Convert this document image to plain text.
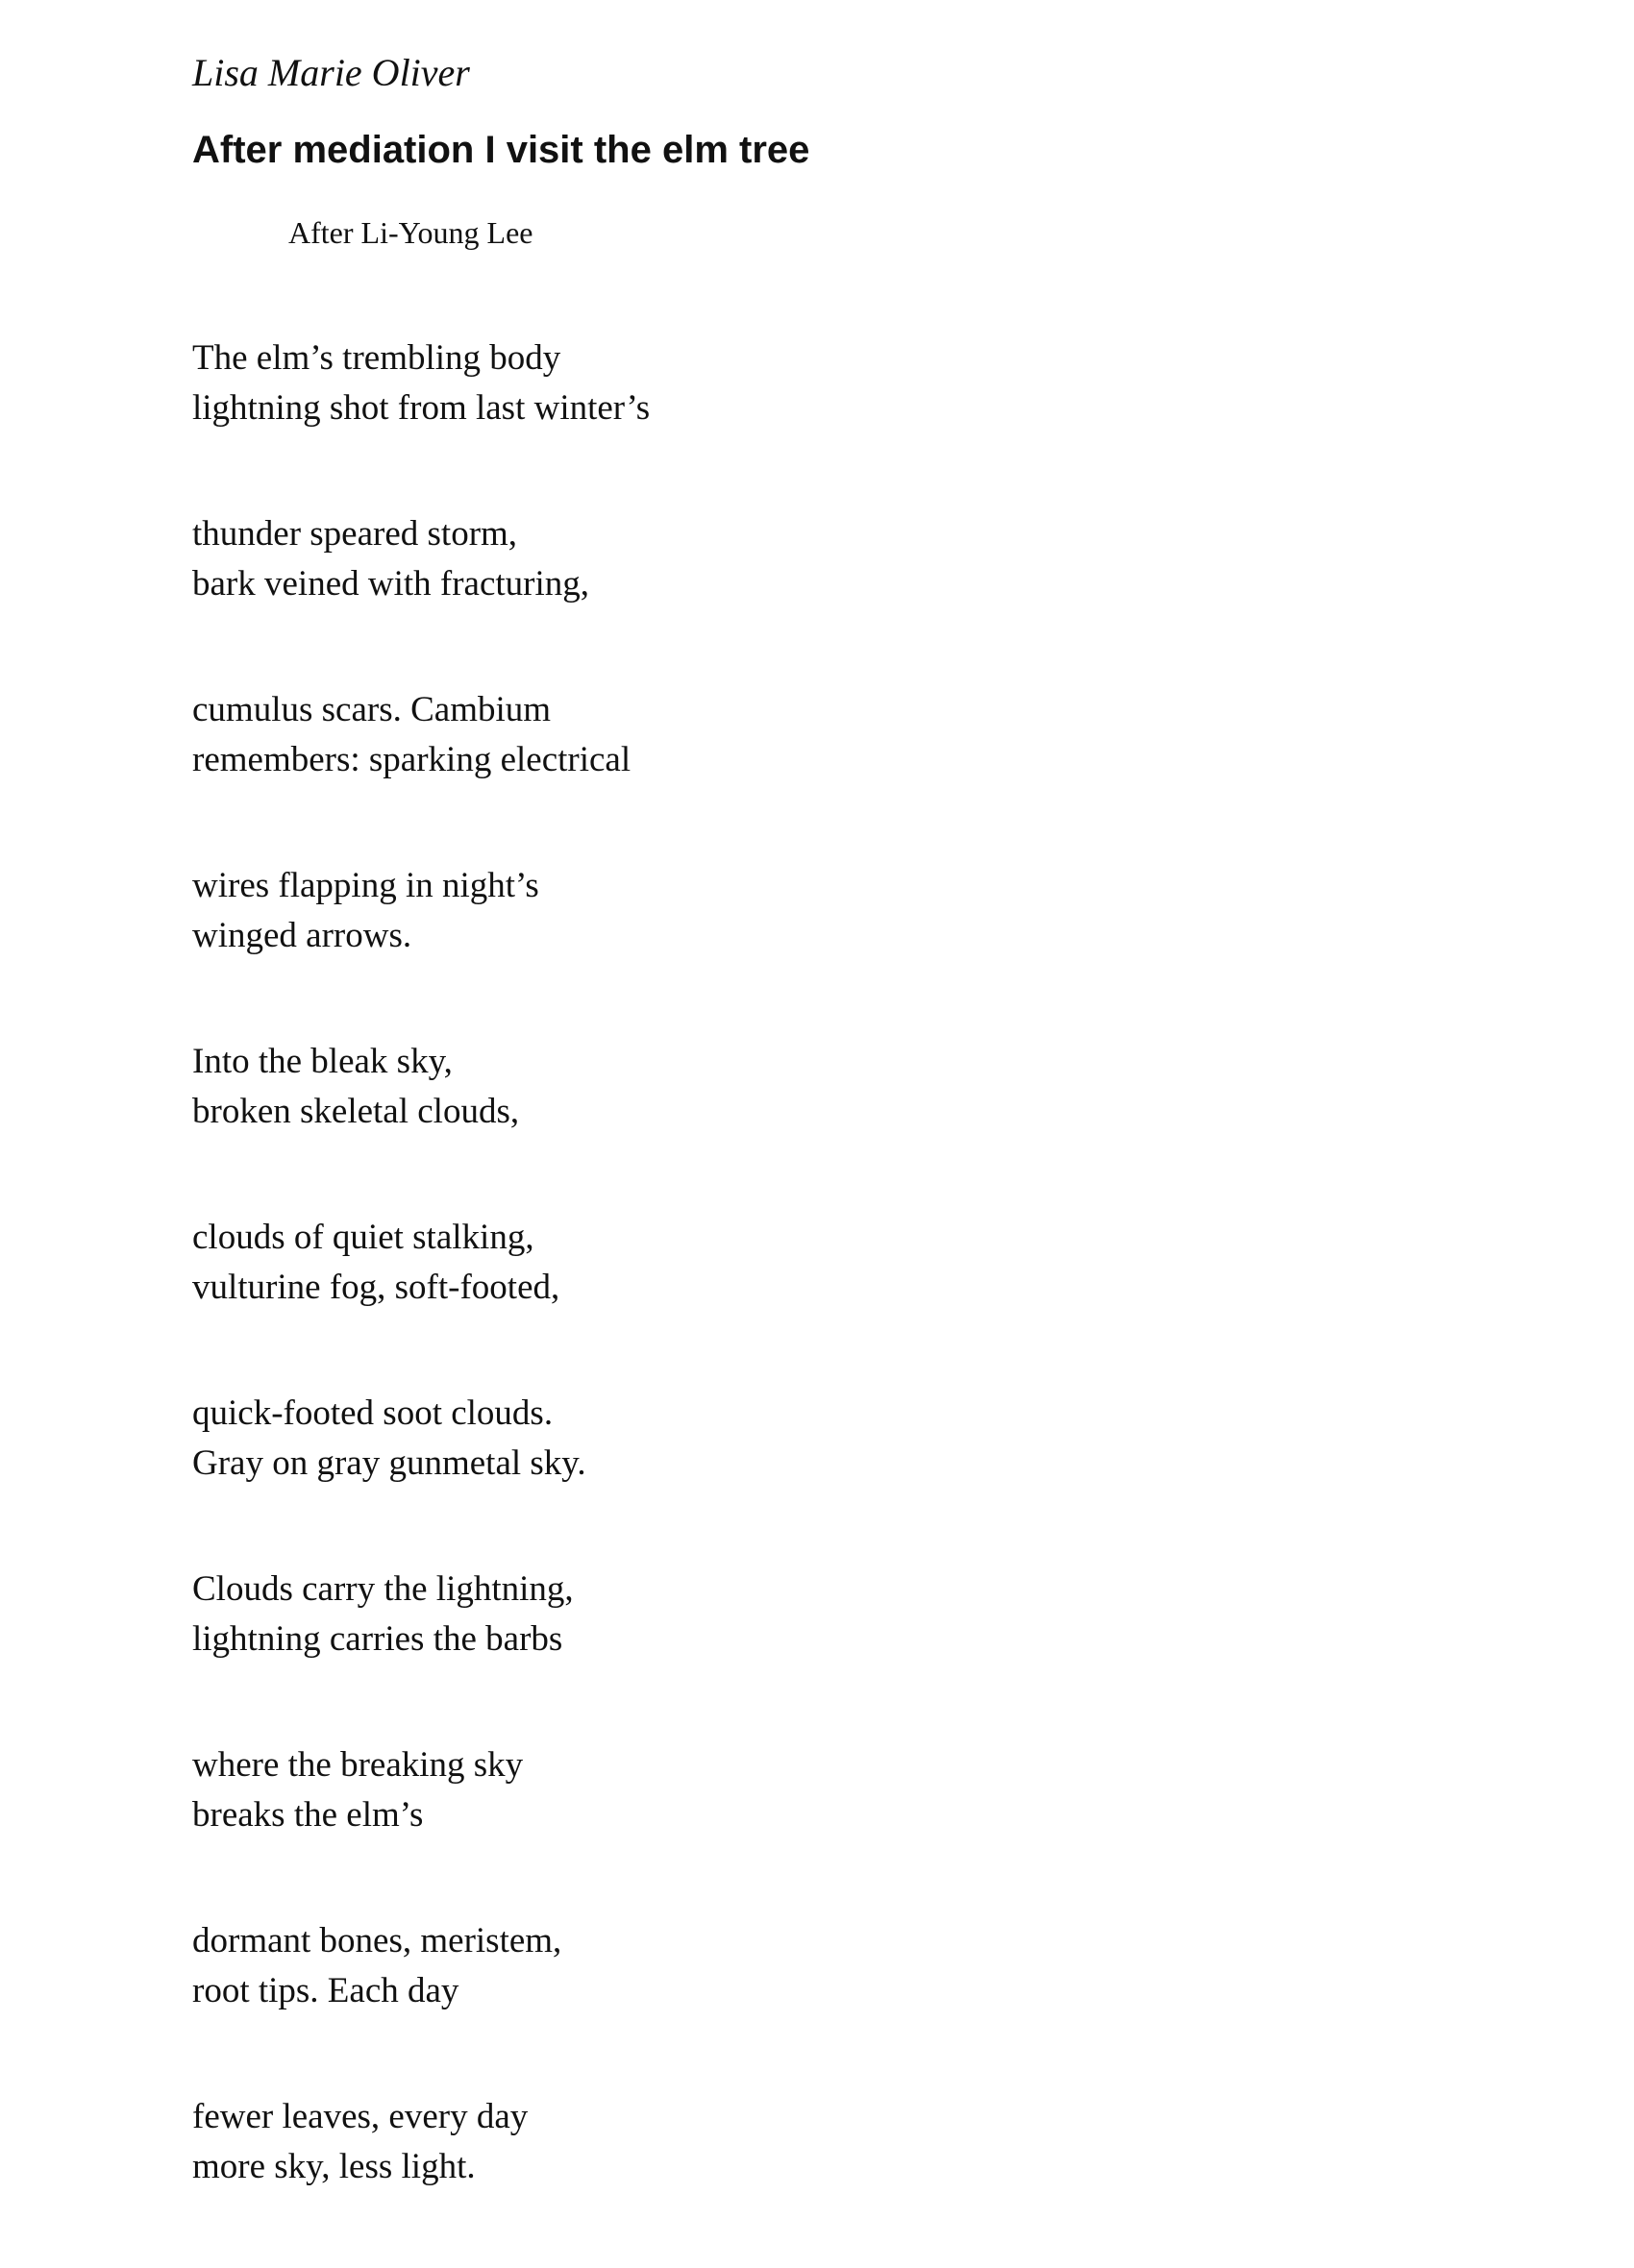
Lisa Marie Oliver

After mediation I visit the elm tree

After Li-Young Lee

The elm’s trembling body
lightning shot from last winter’s
thunder speared storm,
bark veined with fracturing,
cumulus scars. Cambium
remembers: sparking electrical
wires flapping in night’s
winged arrows.
Into the bleak sky,
broken skeletal clouds,
clouds of quiet stalking,
vulturine fog, soft-footed,
quick-footed soot clouds.
Gray on gray gunmetal sky.
Clouds carry the lightning,
lightning carries the barbs
where the breaking sky
breaks the elm’s
dormant bones, meristem,
root tips. Each day
fewer leaves, every day
more sky, less light.
